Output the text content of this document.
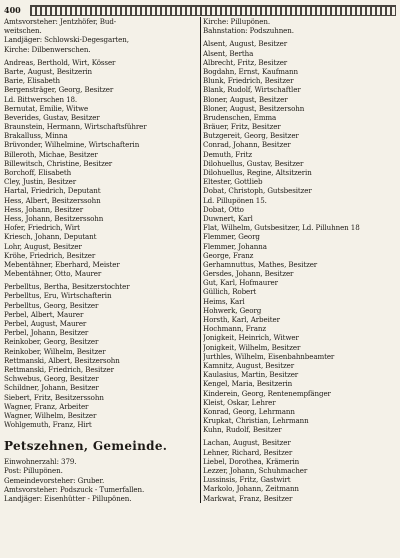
400
Amtsvorsteher: Jentzhöfer, Bud-
weitschen.
Landjäger: Schlowski-Degesgarten,
Kirche: Dilbenwerschen.
Andreas, Berthold, Wirt, Kösser
Barte, August, Besitzerin
Barie, Elisabeth
Bergensträger, Georg, Besitzer
Ld. Bittwerschen 18.
Bernutat, Emilie, Witwe
Beverides, Gustav, Besitzer
Braunstein, Hermann, Wirtschaftsführer
Brakalluss, Minna
Brüvonder, Wilhelmine, Wirtschafterin
Billeroth, Michae, Besitzer
Billewitsch, Christine, Besitzer
Borchoff, Elisabeth
Cley, Justin, Besitzer
Hartal, Friedrich, Deputant
Hess, Albert, Besitzerssohn
Hess, Johann, Besitzer
Hess, Johann, Besitzerssohn
Hofer, Friedrich, Wirt
Kriesch, Johann, Deputant
Lohr, August, Besitzer
Kröhe, Friedrich, Besitzer
Mebentähner, Eberhard, Meister
Mebentähner, Otto, Maurer
Perbelltus, Bertha, Besitzerstochter
Perbelltus, Eru, Wirtschafterin
Perbelltus, Georg, Besitzer
Perbel, Albert, Maurer
Perbel, August, Maurer
Perbel, Johann, Besitzer
Reinkober, Georg, Besitzer
Reinkober, Wilhelm, Besitzer
Rettmanski, Albert, Besitzersohn
Rettmanski, Friedrich, Besitzer
Schwebus, Georg, Besitzer
Schildner, Johann, Besitzer
Siebert, Fritz, Besitzerssohn
Wagner, Franz, Arbeiter
Wagner, Wilhelm, Besitzer
Wohlgemuth, Franz, Hirt
Petszehnen, Gemeinde.
Einwohnerzahl: 379.
Post: Pillupönen.
Gemeindevorsteher: Gruber.
Amtsvorsteher: Podszuck - Tumerfallen.
Landjäger: Eisenhütter - Pillupönen.
Kirche: Pillupönen.
Bahnstation: Podszuhnen.
Alsent, August, Besitzer
Alsent, Bertha
Albrecht, Fritz, Besitzer
Bogdahn, Ernst, Kaufmann
Blunk, Friedrich, Besitzer
Blank, Rudolf, Wirtschaftler
Bloner, August, Besitzer
Bloner, August, Besitzersohn
Brudenschen, Emma
Bräuer, Fritz, Besitzer
Butzgereit, Georg, Besitzer
Conrad, Johann, Besitzer
Demuth, Fritz
Dilohuellus, Gustav, Besitzer
Dilohuellus, Regine, Altsitzerin
Eltester, Gottlieb
Dobat, Christoph, Gutsbesitzer
Ld. Pillupönen 15.
Dobat, Otto
Duwnert, Karl
Flat, Wilhelm, Gutsbesitzer, Ld. Pilluhnen 18
Flemmer, Georg
Flemmer, Johanna
George, Franz
Gerhamnuttus, Mathes, Besitzer
Gersdes, Johann, Besitzer
Gut, Karl, Hofmaurer
Güllich, Robert
Heims, Karl
Hohwerk, Georg
Horsth, Karl, Arbeiter
Hochmann, Franz
Jonigkeit, Heinrich, Witwer
Jonigkeit, Wilhelm, Besitzer
Jurthles, Wilhelm, Eisenbahnbeamter
Kamnitz, August, Besitzer
Kaulasius, Martin, Besitzer
Kengel, Maria, Besitzerin
Kinderein, Georg, Rentenempfänger
Kleist, Oskar, Lehrer
Konrad, Georg, Lehrmann
Krupkat, Christian, Lehrmann
Kuhn, Rudolf, Besitzer
Lachan, August, Besitzer
Lehner, Richard, Besitzer
Liebel, Dorothea, Krämerin
Lezzer, Johann, Schuhmacher
Lussinsis, Fritz, Gastwirt
Markolo, Johann, Zeitmann
Markwat, Franz, Besitzer
